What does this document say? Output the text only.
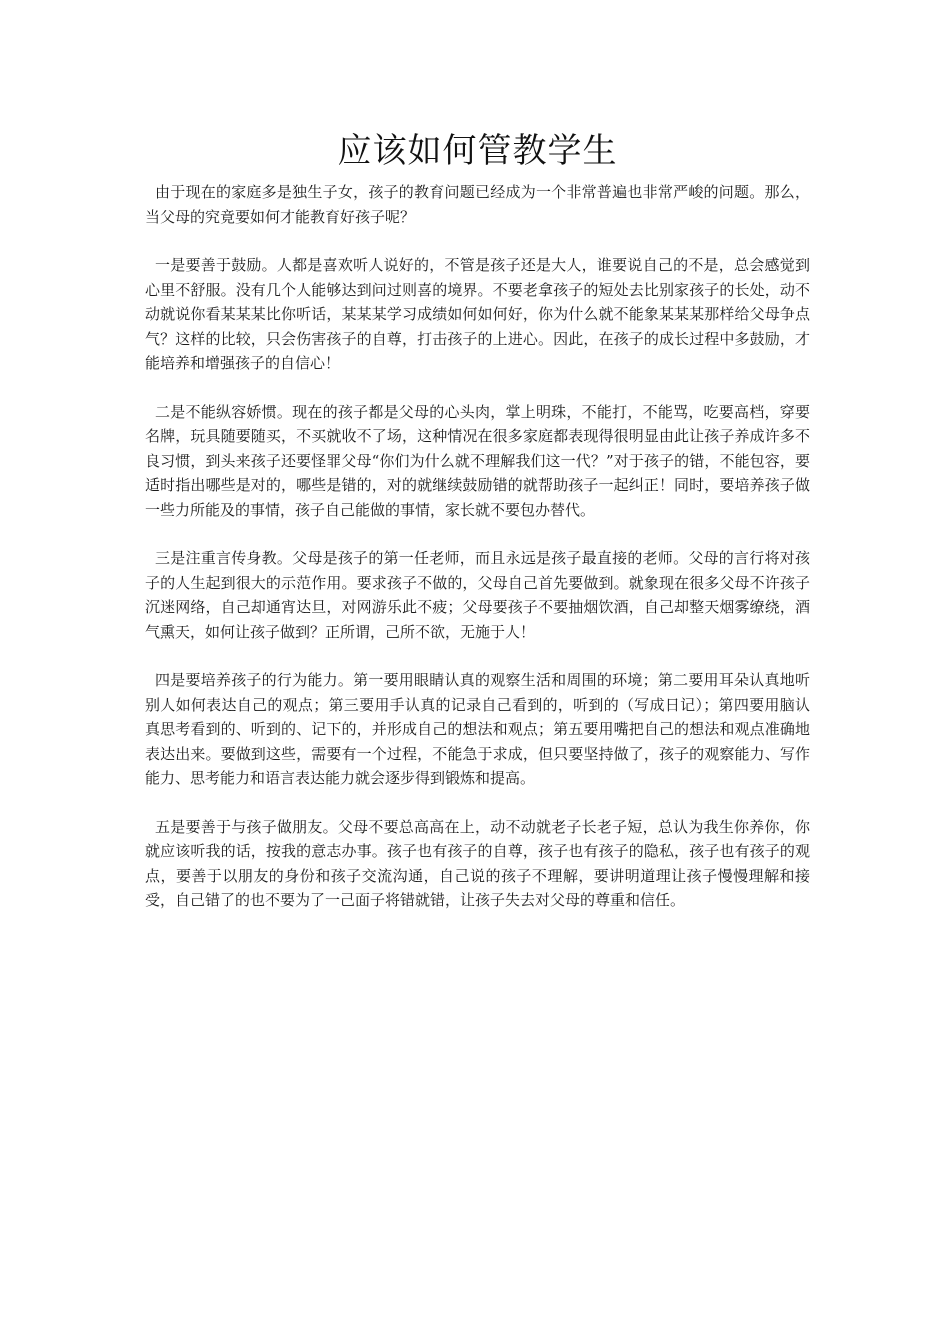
应该如何管教学生

由于现在的家庭多是独生子女，孩子的教育问题已经成为一个非常普遍也非常严峻的问题。那么，当父母的究竟要如何才能教育好孩子呢？

一是要善于鼓励。人都是喜欢听人说好的，不管是孩子还是大人，谁要说自己的不是，总会感觉到心里不舒服。没有几个人能够达到问过则喜的境界。不要老拿孩子的短处去比别家孩子的长处，动不动就说你看某某某比你听话，某某某学习成绩如何如何好，你为什么就不能象某某某那样给父母争点气？这样的比较，只会伤害孩子的自尊，打击孩子的上进心。因此，在孩子的成长过程中多鼓励，才能培养和增强孩子的自信心！

二是不能纵容娇惯。现在的孩子都是父母的心头肉，掌上明珠，不能打，不能骂，吃要高档，穿要名牌，玩具随要随买，不买就收不了场，这种情况在很多家庭都表现得很明显由此让孩子养成许多不良习惯，到头来孩子还要怪罪父母“你们为什么就不理解我们这一代？”对于孩子的错，不能包容，要适时指出哪些是对的，哪些是错的，对的就继续鼓励错的就帮助孩子一起纠正！同时，要培养孩子做一些力所能及的事情，孩子自己能做的事情，家长就不要包办替代。

三是注重言传身教。父母是孩子的第一任老师，而且永远是孩子最直接的老师。父母的言行将对孩子的人生起到很大的示范作用。要求孩子不做的，父母自己首先要做到。就象现在很多父母不许孩子沉迷网络，自己却通宵达旦，对网游乐此不疲；父母要孩子不要抽烟饮酒，自己却整天烟雾缭绕，酒气熏天，如何让孩子做到？正所谓，己所不欲，无施于人！

四是要培养孩子的行为能力。第一要用眼睛认真的观察生活和周围的环境；第二要用耳朵认真地听别人如何表达自己的观点；第三要用手认真的记录自己看到的，听到的（写成日记）；第四要用脑认真思考看到的、听到的、记下的，并形成自己的想法和观点；第五要用嘴把自己的想法和观点准确地表达出来。要做到这些，需要有一个过程，不能急于求成，但只要坚持做了，孩子的观察能力、写作能力、思考能力和语言表达能力就会逐步得到锻炼和提高。

五是要善于与孩子做朋友。父母不要总高高在上，动不动就老子长老子短，总认为我生你养你，你就应该听我的话，按我的意志办事。孩子也有孩子的自尊，孩子也有孩子的隐私，孩子也有孩子的观点，要善于以朋友的身份和孩子交流沟通，自己说的孩子不理解，要讲明道理让孩子慢慢理解和接受，自己错了的也不要为了一己面子将错就错，让孩子失去对父母的尊重和信任。
